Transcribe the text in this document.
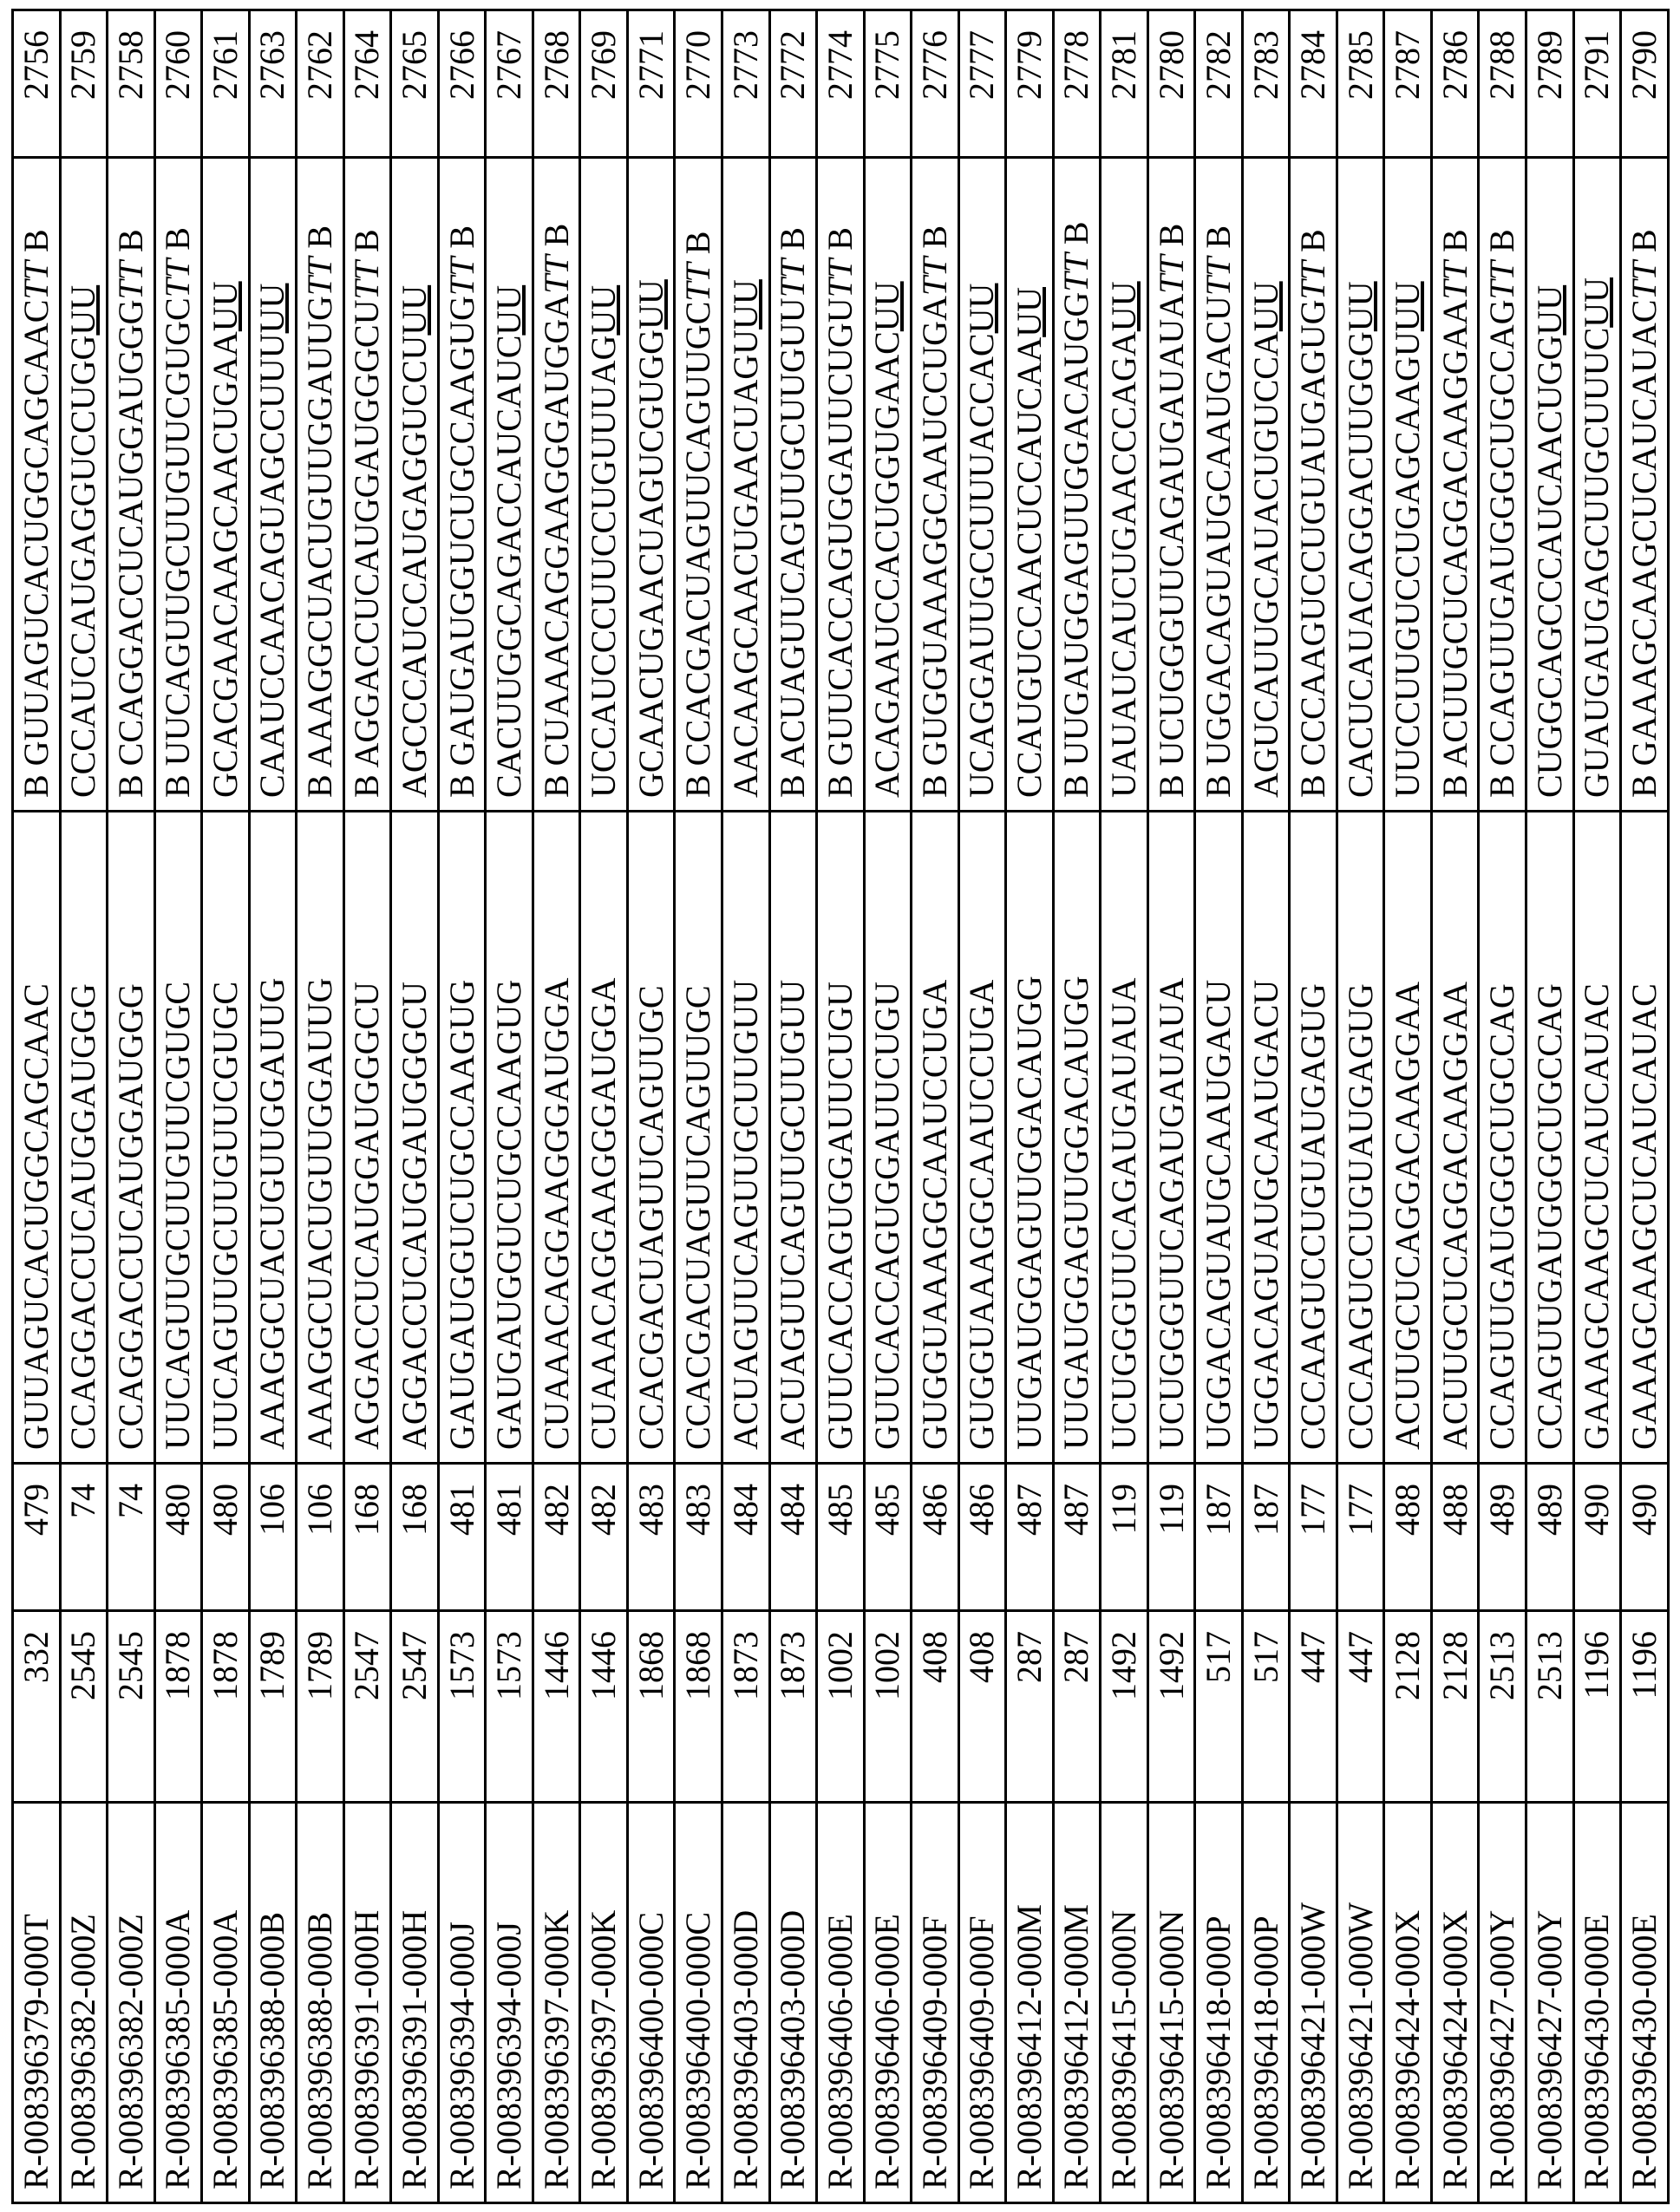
R-008396379-000T	332	479	GUUAGUCACUGGCAGCAAC	B GUUAGUCACUGGCAGCAACTT B	2756
R-008396382-000Z	2545	74	CCAGGACCUCAUGGAUGGG	CCCAUCCAUGAGGUCCUGGUU	2759
R-008396382-000Z	2545	74	CCAGGACCUCAUGGAUGGG	B CCAGGACCUCAUGGAUGGGTT B	2758
R-008396385-000A	1878	480	UUCAGUUGCUUGUUCGUGC	B UUCAGUUGCUUGUUCGUGCTT B	2760
R-008396385-000A	1878	480	UUCAGUUGCUUGUUCGUGC	GCACGAACAAGCAACUGAAUU	2761
R-008396388-000B	1789	106	AAAGGCUACUGUUGGAUUG	CAAUCCAACAGUAGCCUUUUU	2763
R-008396388-000B	1789	106	AAAGGCUACUGUUGGAUUG	B AAAGGCUACUGUUGGAUUGTT B	2762
R-008396391-000H	2547	168	AGGACCUCAUGGAUGGGCU	B AGGACCUCAUGGAUGGGCUTT B	2764
R-008396391-000H	2547	168	AGGACCUCAUGGAUGGGCU	AGCCCAUCCAUGAGGUCCUUU	2765
R-008396394-000J	1573	481	GAUGAUGGUCUGCCAAGUG	B GAUGAUGGUCUGCCAAGUGTT B	2766
R-008396394-000J	1573	481	GAUGAUGGUCUGCCAAGUG	CACUUGGCAGACCAUCAUCUU	2767
R-008396397-000K	1446	482	CUAAACAGGAAGGGAUGGA	B CUAAACAGGAAGGGAUGGATT B	2768
R-008396397-000K	1446	482	CUAAACAGGAAGGGAUGGA	UCCAUCCCUUCCUGUUUAGUU	2769
R-008396400-000C	1868	483	CCACGACUAGUUCAGUUGC	GCAACUGAACUAGUCGUGGUU	2771
R-008396400-000C	1868	483	CCACGACUAGUUCAGUUGC	B CCACGACUAGUUCAGUUGCTT B	2770
R-008396403-000D	1873	484	ACUAGUUCAGUUGCUUGUU	AACAAGCAACUGAACUAGUUU	2773
R-008396403-000D	1873	484	ACUAGUUCAGUUGCUUGUU	B ACUAGUUCAGUUGCUUGUUTT B	2772
R-008396406-000E	1002	485	GUUCACCAGUGGAUUCUGU	B GUUCACCAGUGGAUUCUGUTT B	2774
R-008396406-000E	1002	485	GUUCACCAGUGGAUUCUGU	ACAGAAUCCACUGGUGAACUU	2775
R-008396409-000F	408	486	GUGGUAAAGGCAAUCCUGA	B GUGGUAAAGGCAAUCCUGATT B	2776
R-008396409-000F	408	486	GUGGUAAAGGCAAUCCUGA	UCAGGAUUGCCUUUACCACUU	2777
R-008396412-000M	287	487	UUGAUGGAGUUGGACAUGG	CCAUGUCCAACUCCAUCAAUU	2779
R-008396412-000M	287	487	UUGAUGGAGUUGGACAUGG	B UUGAUGGAGUUGGACAUGGTT B	2778
R-008396415-000N	1492	119	UCUGGGUUCAGAUGAUAUA	UAUAUCAUCUGAACCCAGAUU	2781
R-008396415-000N	1492	119	UCUGGGUUCAGAUGAUAUA	B UCUGGGUUCAGAUGAUAUATT B	2780
R-008396418-000P	517	187	UGGACAGUAUGCAAUGACU	B UGGACAGUAUGCAAUGACUTT B	2782
R-008396418-000P	517	187	UGGACAGUAUGCAAUGACU	AGUCAUUGCAUACUGUCCAUU	2783
R-008396421-000W	447	177	CCCAAGUCCUGUAUGAGUG	B CCCAAGUCCUGUAUGAGUGTT B	2784
R-008396421-000W	447	177	CCCAAGUCCUGUAUGAGUG	CACUCAUACAGGACUUGGGUU	2785
R-008396424-000X	2128	488	ACUUGCUCAGGACAAGGAA	UUCCUUGUCCUGAGCAAGUUU	2787
R-008396424-000X	2128	488	ACUUGCUCAGGACAAGGAA	B ACUUGCUCAGGACAAGGAATT B	2786
R-008396427-000Y	2513	489	CCAGUUGAUGGGCUGCCAG	B CCAGUUGAUGGGCUGCCAGTT B	2788
R-008396427-000Y	2513	489	CCAGUUGAUGGGCUGCCAG	CUGGCAGCCCAUCAACUGGUU	2789
R-008396430-000E	1196	490	GAAAGCAAGCUCAUCAUAC	GUAUGAUGAGCUUGCUUUCUU	2791
R-008396430-000E	1196	490	GAAAGCAAGCUCAUCAUAC	B GAAAGCAAGCUCAUCAUACTT B	2790
